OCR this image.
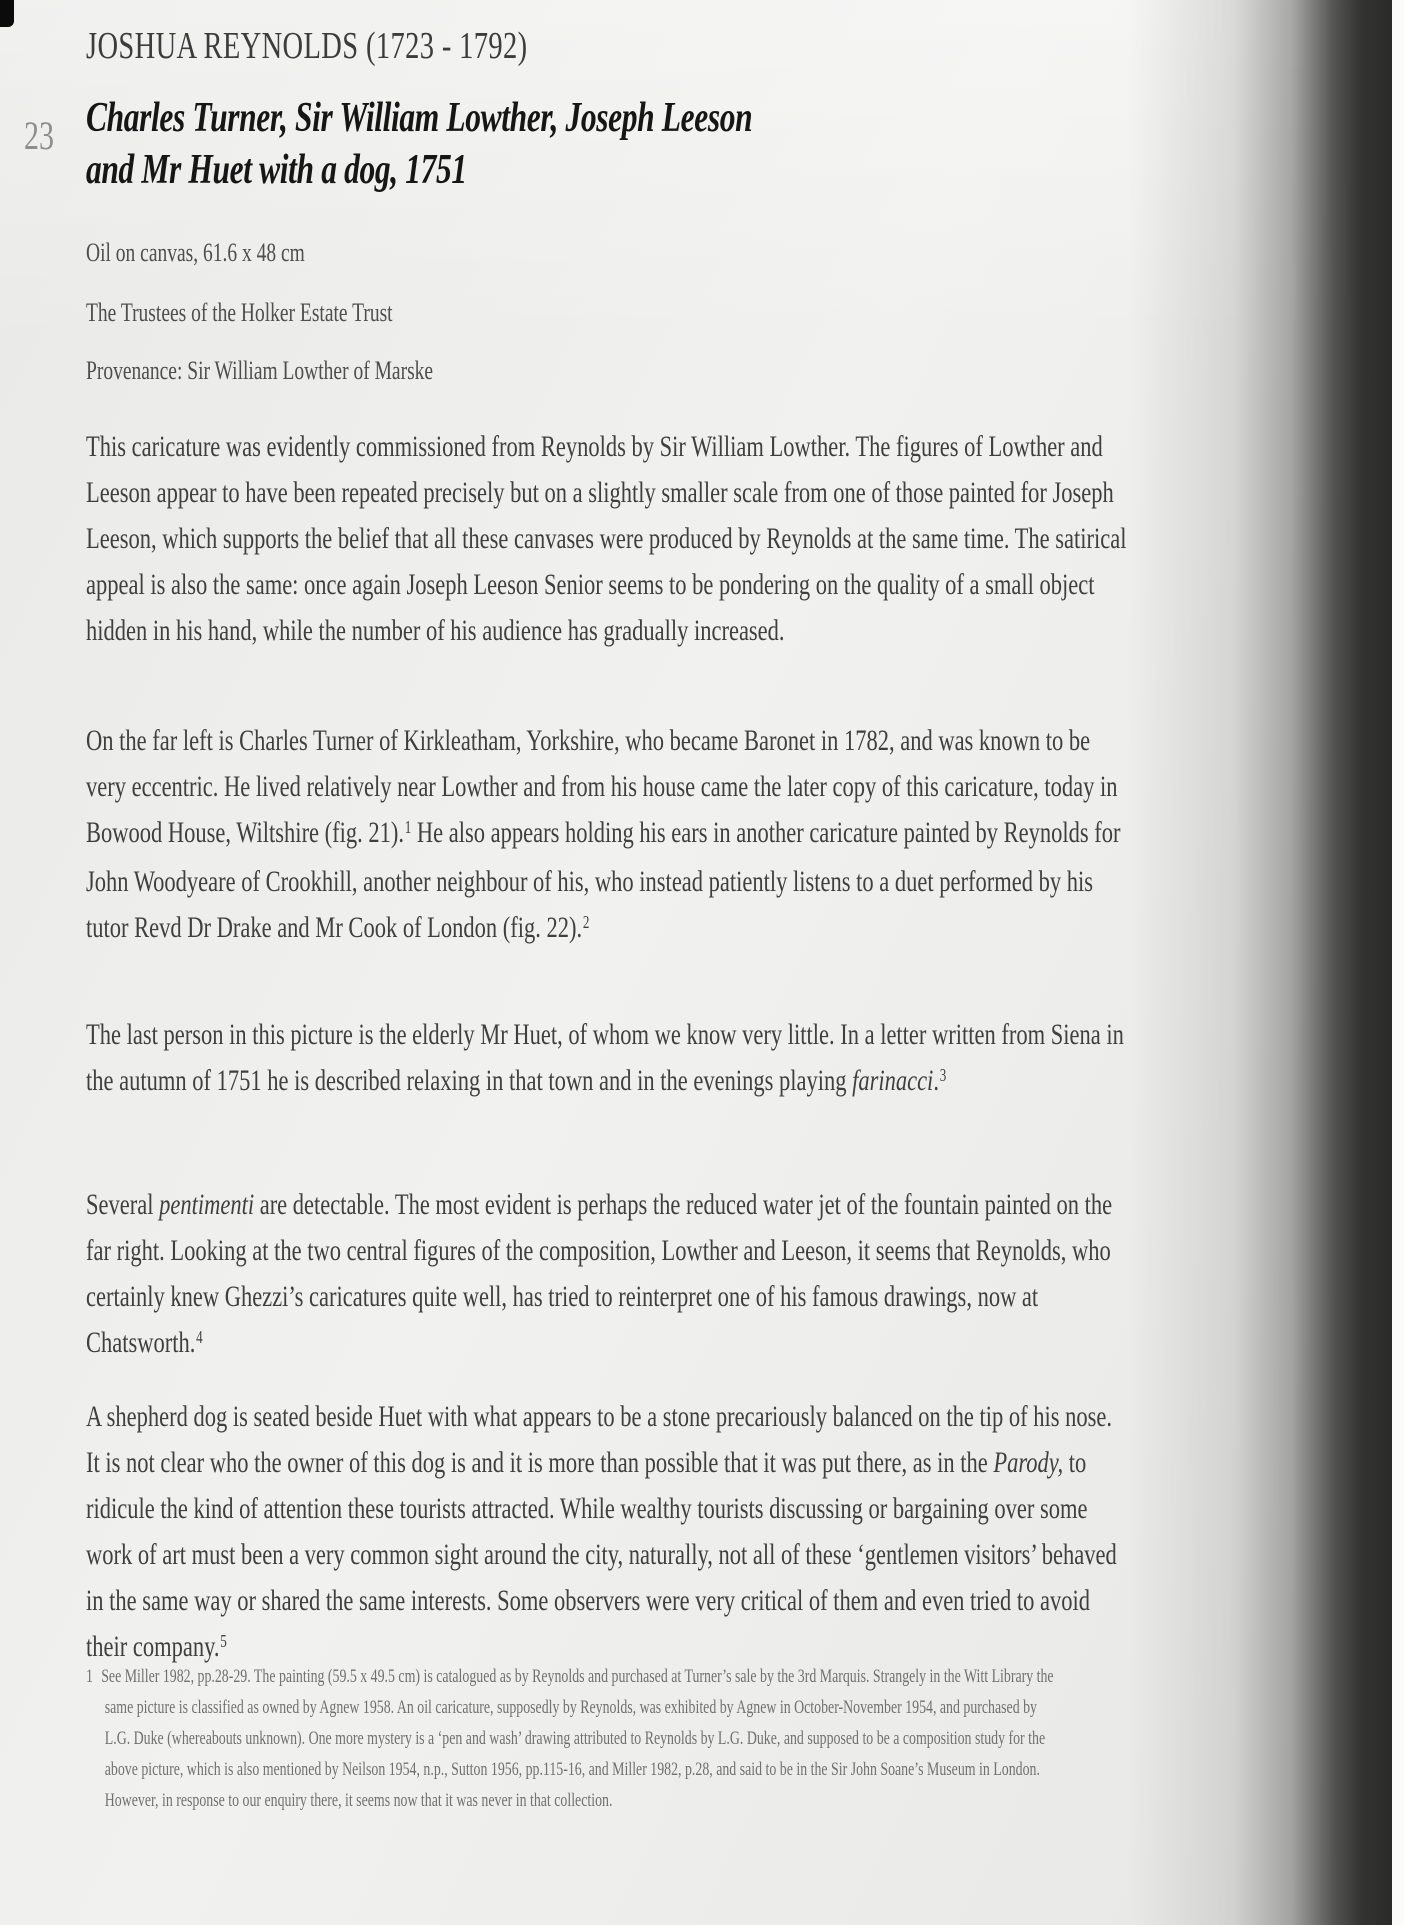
JOSHUA REYNOLDS (1723 - 1792)
23 Charles Turner, Sir William Lowther, Joseph Leeson
and Mr Huet with a dog, 1751
Oil on canvas, 61.6 x 48 cm
The Trustees of the Holker Estate Trust
Provenance: Sir William Lowther of Marske
This caricature was evidently commissioned from Reynolds by Sir William Lowther. The figures of Lowther and Leeson appear to have been repeated precisely but on a slightly smaller scale from one of those painted for Joseph Leeson, which supports the belief that all these canvases were produced by Reynolds at the same time. The satirical appeal is also the same: once again Joseph Leeson Senior seems to be pondering on the quality of a small object hidden in his hand, while the number of his audience has gradually increased.
On the far left is Charles Turner of Kirkleatham, Yorkshire, who became Baronet in 1782, and was known to be very eccentric. He lived relatively near Lowther and from his house came the later copy of this caricature, today in Bowood House, Wiltshire (fig. 21).$^1$ He also appears holding his ears in another caricature painted by Reynolds for John Woodyeare of Crookhill, another neighbour of his, who instead patiently listens to a duet performed by his tutor Revd Dr Drake and Mr Cook of London (fig. 22).$^2$
The last person in this picture is the elderly Mr Huet, of whom we know very little. In a letter written from Siena in the autumn of 1751 he is described relaxing in that town and in the evenings playing farinacci.$^3$
Several pentimenti are detectable. The most evident is perhaps the reduced water jet of the fountain painted on the far right. Looking at the two central figures of the composition, Lowther and Leeson, it seems that Reynolds, who certainly knew Ghezzi’s caricatures quite well, has tried to reinterpret one of his famous drawings, now at Chatsworth.$^4$
A shepherd dog is seated beside Huet with what appears to be a stone precariously balanced on the tip of his nose. It is not clear who the owner of this dog is and it is more than possible that it was put there, as in the Parody, to ridicule the kind of attention these tourists attracted. While wealthy tourists discussing or bargaining over some work of art must been a very common sight around the city, naturally, not all of these ‘gentlemen visitors’ behaved in the same way or shared the same interests. Some observers were very critical of them and even tried to avoid their company.$^5$
1 See Miller 1982, pp.28-29. The painting (59.5 x 49.5 cm) is catalogued as by Reynolds and purchased at Turner’s sale by the 3rd Marquis. Strangely in the Witt Library the same picture is classified as owned by Agnew 1958. An oil caricature, supposedly by Reynolds, was exhibited by Agnew in October-November 1954, and purchased by L.G. Duke (whereabouts unknown). One more mystery is a ‘pen and wash’ drawing attributed to Reynolds by L.G. Duke, and supposed to be a composition study for the above picture, which is also mentioned by Neilson 1954, n.p., Sutton 1956, pp.115-16, and Miller 1982, p.28, and said to be in the Sir John Soane’s Museum in London. However, in response to our enquiry there, it seems now that it was never in that collection.
